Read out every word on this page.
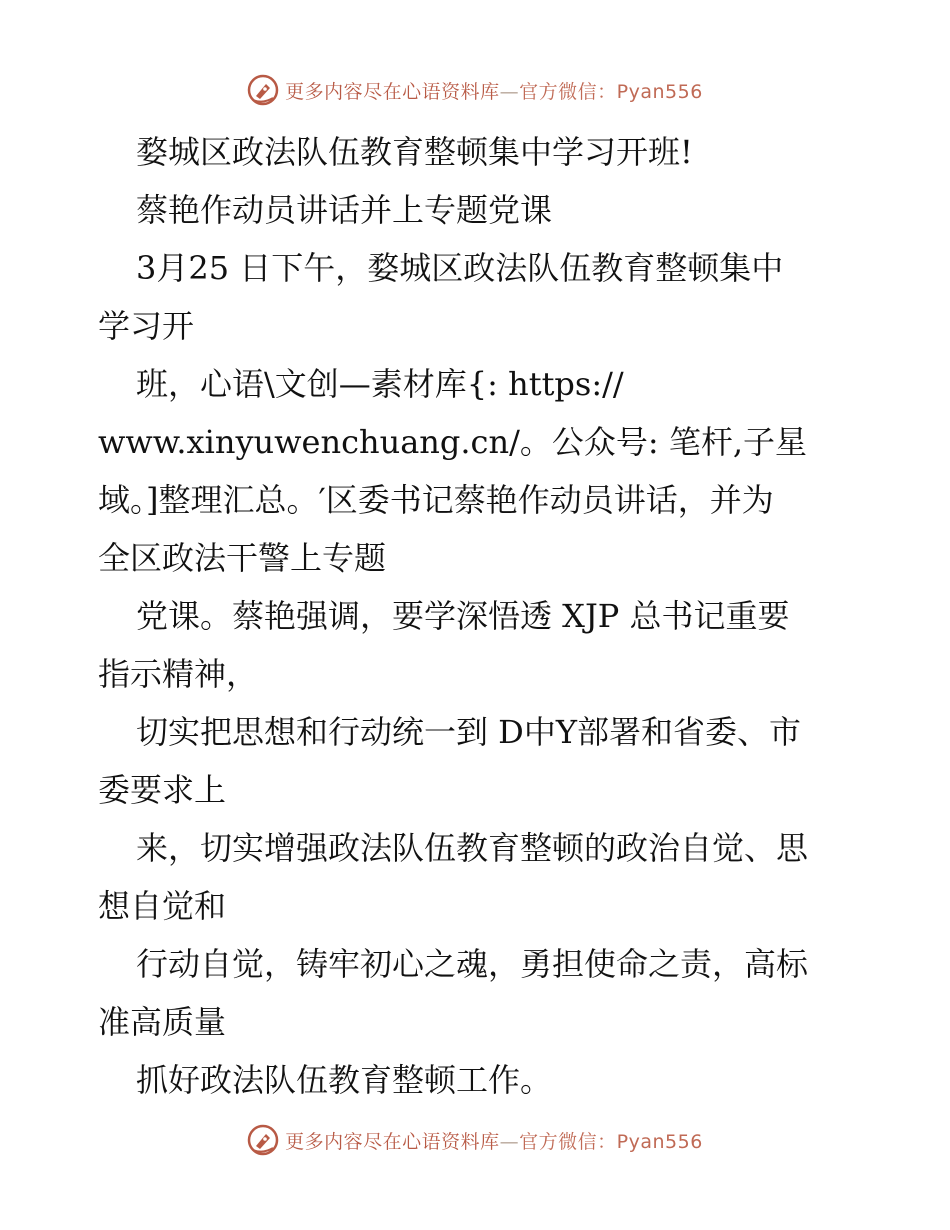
更多内容尽在心语资料库—官方微信：Pyan556
婺城区政法队伍教育整顿集中学习开班!
蔡艳作动员讲话并上专题党课
3月25 日下午，婺城区政法队伍教育整顿集中
学习开
班，心语\文创—素材库{: https://
www.xinyuwenchuang.cn/。公众号: 笔杆,子星
域。]整理汇总。′区委书记蔡艳作动员讲话，并为
全区政法干警上专题
党课。蔡艳强调，要学深悟透 XJP 总书记重要
指示精神，
切实把思想和行动统一到 D中Y部署和省委、市
委要求上
来，切实增强政法队伍教育整顿的政治自觉、思
想自觉和
行动自觉，铸牢初心之魂，勇担使命之责，高标
准高质量
抓好政法队伍教育整顿工作。
更多内容尽在心语资料库—官方微信：Pyan556
